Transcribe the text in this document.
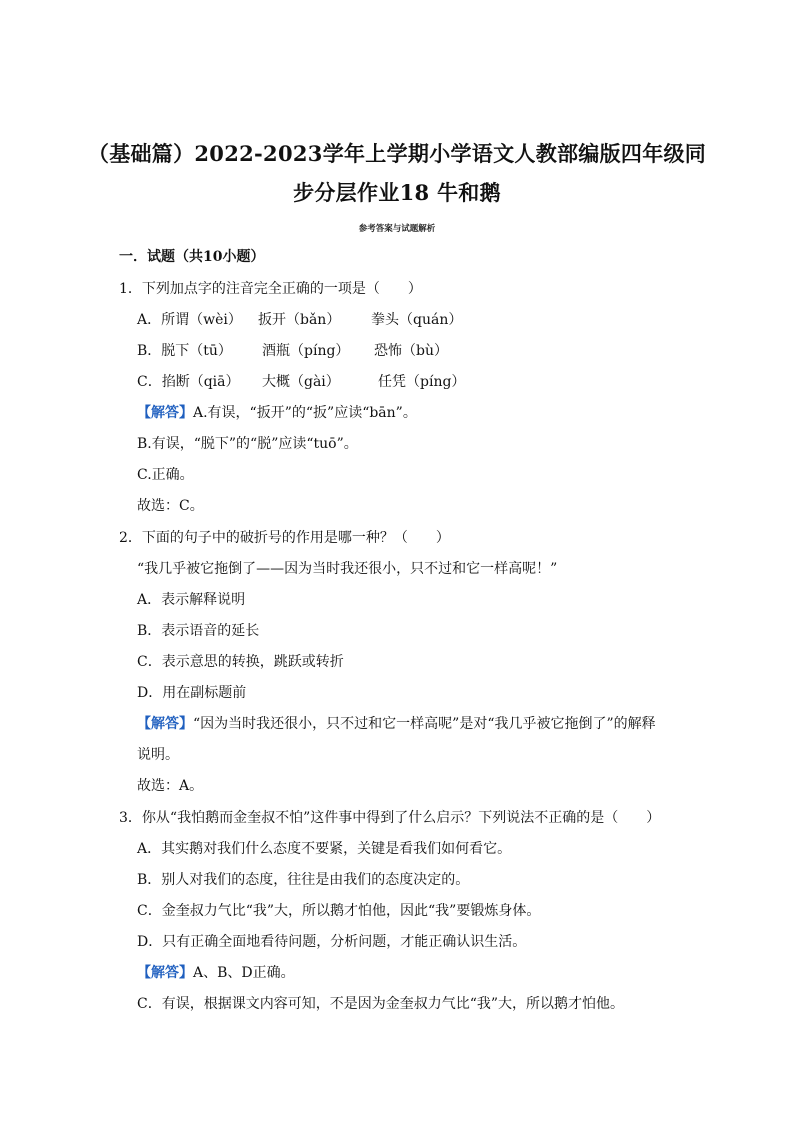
（基础篇）2022-2023学年上学期小学语文人教部编版四年级同
步分层作业18 牛和鹅
参考答案与试题解析
一．试题（共10小题）
1．下列加点字的注音完全正确的一项是（　　）
A．所谓（wèi） 扳开（bǎn） 拳头（quán）
B．脱下（tū） 酒瓶（píng） 恐怖（bù）
C．掐断（qiā） 大概（gài）	任凭（píng）
【解答】A.有误，“扳开”的“扳”应读“bān”。
B.有误，“脱下”的“脱”应读“tuō”。
C.正确。
故选：C。
2．下面的句子中的破折号的作用是哪一种？（　　）
“我几乎被它拖倒了——因为当时我还很小，只不过和它一样高呢！”
A．表示解释说明
B．表示语音的延长
C．表示意思的转换，跳跃或转折
D．用在副标题前
【解答】“因为当时我还很小，只不过和它一样高呢”是对“我几乎被它拖倒了”的解释
说明。
故选：A。
3．你从“我怕鹅而金奎叔不怕”这件事中得到了什么启示？下列说法不正确的是（　　）
A．其实鹅对我们什么态度不要紧，关键是看我们如何看它。
B．别人对我们的态度，往往是由我们的态度决定的。
C．金奎叔力气比“我”大，所以鹅才怕他，因此“我”要锻炼身体。
D．只有正确全面地看待问题，分析问题，才能正确认识生活。
【解答】A、B、D正确。
C．有误，根据课文内容可知，不是因为金奎叔力气比“我”大，所以鹅才怕他。
